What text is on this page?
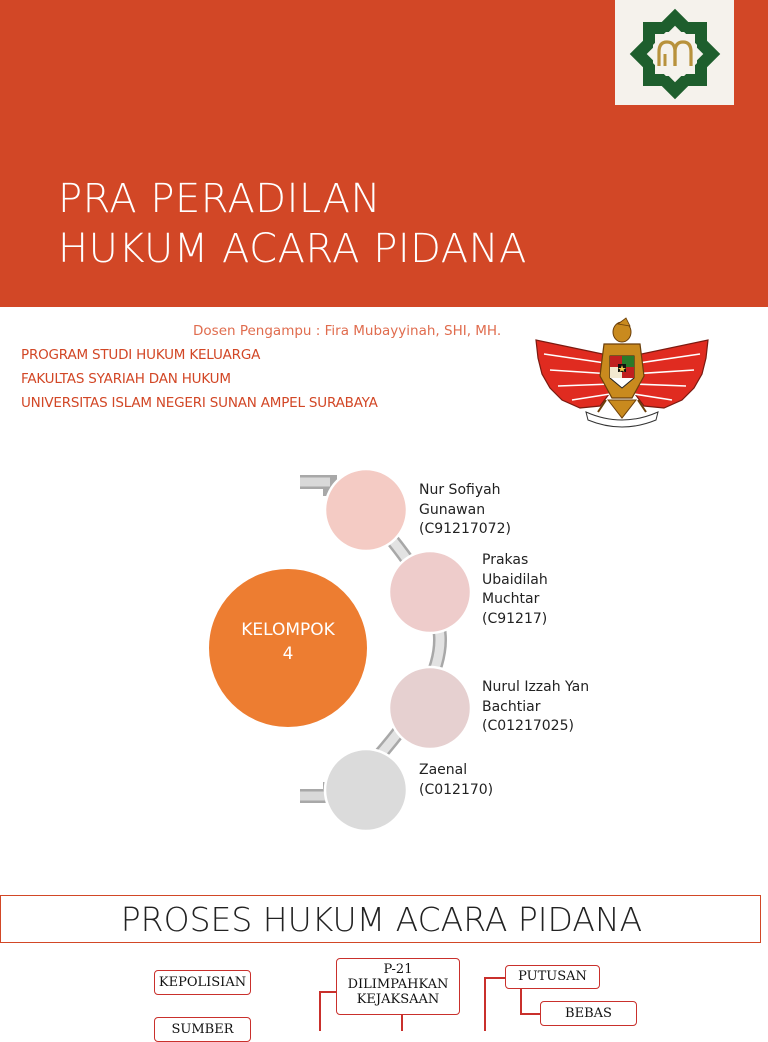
PRA PERADILAN
HUKUM ACARA PIDANA
Dosen Pengampu : Fira Mubayyinah, SHI, MH.
PROGRAM STUDI HUKUM KELUARGA
FAKULTAS SYARIAH DAN HUKUM
UNIVERSITAS ISLAM NEGERI SUNAN AMPEL SURABAYA
KELOMPOK
4
Nur Sofiyah
Gunawan
(C91217072)
Prakas
Ubaidilah
Muchtar
(C91217)
Nurul Izzah Yan
Bachtiar
(C01217025)
Zaenal
(C012170)
PROSES HUKUM ACARA PIDANA
KEPOLISIAN
SUMBER
P-21
DILIMPAHKAN
KEJAKSAAN
PUTUSAN
BEBAS
